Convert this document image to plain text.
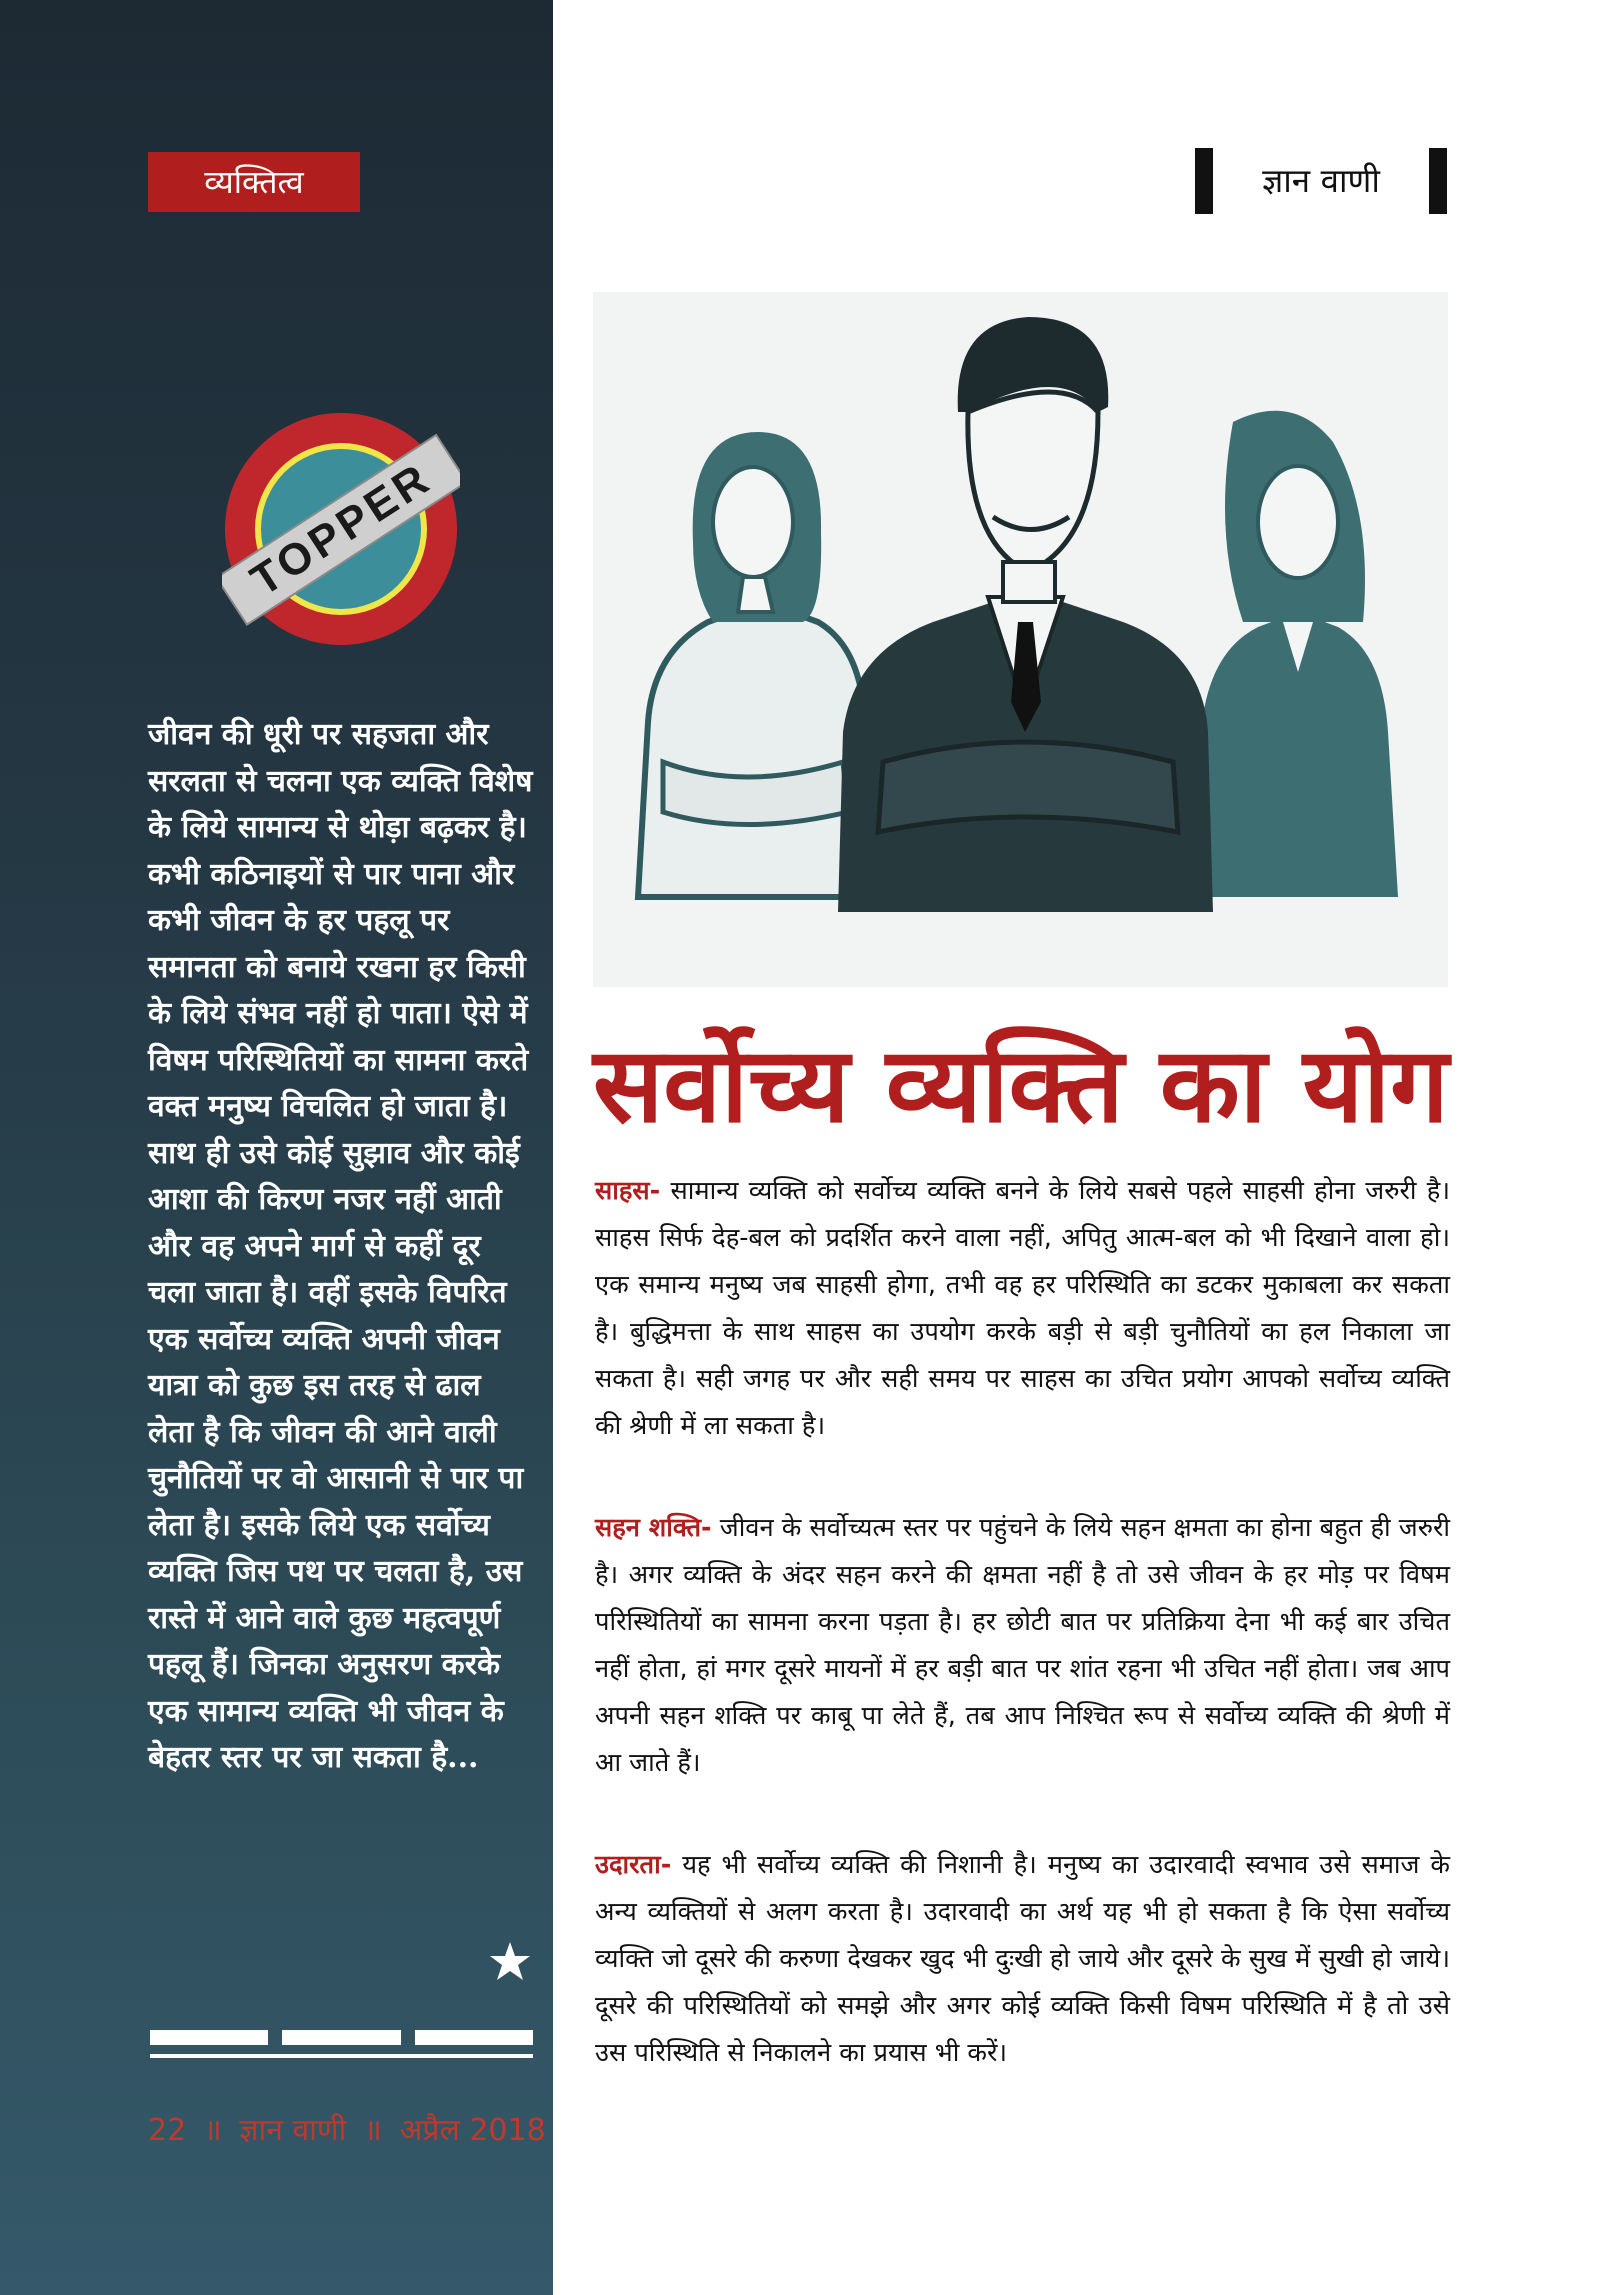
व्यक्तित्व
TOPPER

जीवन की धूरी पर सहजता और सरलता से चलना एक व्यक्ति विशेष के लिये सामान्य से थोड़ा बढ़कर है। कभी कठिनाइयों से पार पाना और कभी जीवन के हर पहलू पर समानता को बनाये रखना हर किसी के लिये संभव नहीं हो पाता। ऐसे में विषम परिस्थितियों का सामना करते वक्त मनुष्य विचलित हो जाता है। साथ ही उसे कोई सुझाव और कोई आशा की किरण नजर नहीं आती और वह अपने मार्ग से कहीं दूर चला जाता है। वहीं इसके विपरित एक सर्वोच्य व्यक्ति अपनी जीवन यात्रा को कुछ इस तरह से ढाल लेता है कि जीवन की आने वाली चुनौतियों पर वो आसानी से पार पा लेता है। इसके लिये एक सर्वोच्य व्यक्ति जिस पथ पर चलता है, उस रास्ते में आने वाले कुछ महत्वपूर्ण पहलू हैं। जिनका अनुसरण करके एक सामान्य व्यक्ति भी जीवन के बेहतर स्तर पर जा सकता है...

22 ॥ ज्ञान वाणी ॥ अप्रैल 2018
ज्ञान वाणी
सर्वोच्य व्यक्ति का योग

साहस- सामान्य व्यक्ति को सर्वोच्य व्यक्ति बनने के लिये सबसे पहले साहसी होना जरुरी है। साहस सिर्फ देह-बल को प्रदर्शित करने वाला नहीं, अपितु आत्म-बल को भी दिखाने वाला हो। एक समान्य मनुष्य जब साहसी होगा, तभी वह हर परिस्थिति का डटकर मुकाबला कर सकता है। बुद्धिमत्ता के साथ साहस का उपयोग करके बड़ी से बड़ी चुनौतियों का हल निकाला जा सकता है। सही जगह पर और सही समय पर साहस का उचित प्रयोग आपको सर्वोच्य व्यक्ति की श्रेणी में ला सकता है।

सहन शक्ति- जीवन के सर्वोच्यत्म स्तर पर पहुंचने के लिये सहन क्षमता का होना बहुत ही जरुरी है। अगर व्यक्ति के अंदर सहन करने की क्षमता नहीं है तो उसे जीवन के हर मोड़ पर विषम परिस्थितियों का सामना करना पड़ता है। हर छोटी बात पर प्रतिक्रिया देना भी कई बार उचित नहीं होता, हां मगर दूसरे मायनों में हर बड़ी बात पर शांत रहना भी उचित नहीं होता। जब आप अपनी सहन शक्ति पर काबू पा लेते हैं, तब आप निश्चित रूप से सर्वोच्य व्यक्ति की श्रेणी में आ जाते हैं।

उदारता- यह भी सर्वोच्य व्यक्ति की निशानी है। मनुष्य का उदारवादी स्वभाव उसे समाज के अन्य व्यक्तियों से अलग करता है। उदारवादी का अर्थ यह भी हो सकता है कि ऐसा सर्वोच्य व्यक्ति जो दूसरे की करुणा देखकर खुद भी दुःखी हो जाये और दूसरे के सुख में सुखी हो जाये। दूसरे की परिस्थितियों को समझे और अगर कोई व्यक्ति किसी विषम परिस्थिति में है तो उसे उस परिस्थिति से निकालने का प्रयास भी करें।
